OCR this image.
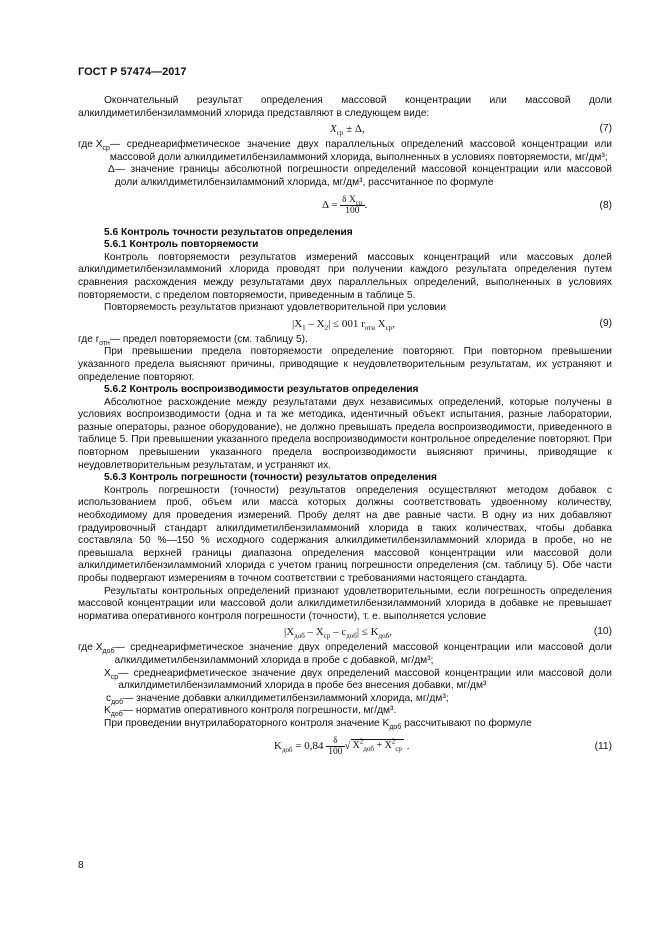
ГОСТ Р 57474—2017

Окончательный результат определения массовой концентрации или массовой доли алкилдиметилбензиламмоний хлорида представляют в следующем виде:

$X_{ср} \pm \Delta$,	(7)
где $X_{ср}$ — среднеарифметическое значение двух параллельных определений массовой концентрации или массовой доли алкилдиметилбензиламмоний хлорида, выполненных в условиях повторяемости, мг/дм³;
Δ — значение границы абсолютной погрешности определений массовой концентрации или массовой доли алкилдиметилбензиламмоний хлорида, мг/дм³, рассчитанное по формуле
$\Delta = \frac{\delta X_{ср}}{100}$ .	(8)

5.6 Контроль точности результатов определения

5.6.1 Контроль повторяемости

Контроль повторяемости результатов измерений массовых концентраций или массовых долей алкилдиметилбензиламмоний хлорида проводят при получении каждого результата определения путем сравнения расхождения между результатами двух параллельных определений, выполненных в условиях повторяемости, с пределом повторяемости, приведенным в таблице 5.

Повторяемость результатов признают удовлетворительной при условии

$|X_1 - X_2| \le 001$ $r_{отн}$ $X_{ср}$,	(9)
где $r_{отн}$ — предел повторяемости (см. таблицу 5).

При превышении предела повторяемости определение повторяют. При повторном превышении указанного предела выясняют причины, приводящие к неудовлетворительным результатам, их устраняют и определение повторяют.

5.6.2 Контроль воспроизводимости результатов определения

Абсолютное расхождение между результатами двух независимых определений, которые получены в условиях воспроизводимости (одна и та же методика, идентичный объект испытания, разные лаборатории, разные операторы, разное оборудование), не должно превышать предела воспроизводимости, приведенного в таблице 5. При превышении указанного предела воспроизводимости контрольное определение повторяют. При повторном превышении указанного предела воспроизводимости выясняют причины, приводящие к неудовлетворительным результатам, и устраняют их.

5.6.3 Контроль погрешности (точности) результатов определения

Контроль погрешности (точности) результатов определения осуществляют методом добавок с использованием проб, объем или масса которых должны соответствовать удвоенному количеству, необходимому для проведения измерений. Пробу делят на две равные части. В одну из них добавляют градуировочный стандарт алкилдиметилбензиламмоний хлорида в таких количествах, чтобы добавка составляла 50 %—150 % исходного содержания алкилдиметилбензиламмоний хлорида в пробе, но не превышала верхней границы диапазона определения массовой концентрации или массовой доли алкилдиметилбензиламмоний хлорида с учетом границ погрешности определения (см. таблицу 5). Обе части пробы подвергают измерениям в точном соответствии с требованиями настоящего стандарта.

Результаты контрольных определений признают удовлетворительными, если погрешность определения массовой концентрации или массовой доли алкилдиметилбензиламмоний хлорида в добавке не превышает норматива оперативного контроля погрешности (точности), т. е. выполняется условие

$|X_{доб} - X_{ср} - c_{доб}| \le K_{доб}$,	(10)
где $X_{доб}$ — среднеарифметическое значение двух определений массовой концентрации или массовой доли алкилдиметилбензиламмоний хлорида в пробе с добавкой, мг/дм³;
$X_{ср}$ — среднеарифметическое значение двух определений массовой концентрации или массовой доли алкилдиметилбензиламмоний хлорида в пробе без внесения добавки, мг/дм³
$c_{доб}$ — значение добавки алкилдиметилбензиламмоний хлорида, мг/дм³;
$K_{доб}$ — норматив оперативного контроля погрешности, мг/дм³.

При проведении внутрилабораторного контроля значение $K_{доб}$ рассчитывают по формуле

$K_{доб} = 0,84 \frac{\delta}{100}$ √ $X^2_{доб} + X^2_{ср}$ .	(11)
8
